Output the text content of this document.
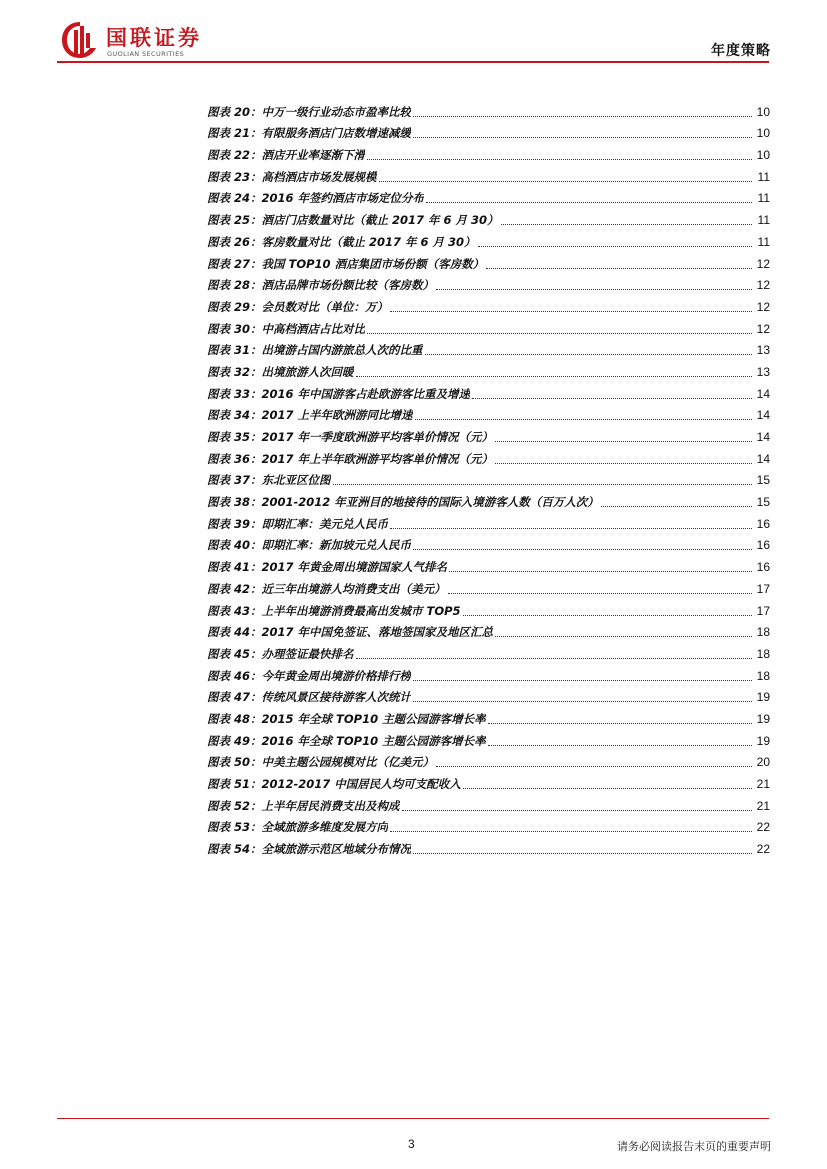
国联证券
GUOLIAN SECURITIES	年度策略
图表 20：中万一级行业动态市盈率比较	10
图表 21：有限服务酒店门店数增速减缓	10
图表 22：酒店开业率逐渐下滑	10
图表 23：高档酒店市场发展规模	11
图表 24：2016 年签约酒店市场定位分布	11
图表 25：酒店门店数量对比（截止 2017 年 6 月 30）	11
图表 26：客房数量对比（截止 2017 年 6 月 30）	11
图表 27：我国 TOP10 酒店集团市场份额（客房数）	12
图表 28：酒店品牌市场份额比较（客房数）	12
图表 29：会员数对比（单位：万）	12
图表 30：中高档酒店占比对比	12
图表 31：出境游占国内游旅总人次的比重	13
图表 32：出境旅游人次回暖	13
图表 33：2016 年中国游客占赴欧游客比重及增速	14
图表 34：2017 上半年欧洲游同比增速	14
图表 35：2017 年一季度欧洲游平均客单价情况（元）	14
图表 36：2017 年上半年欧洲游平均客单价情况（元）	14
图表 37：东北亚区位图	15
图表 38：2001-2012 年亚洲目的地接待的国际入境游客人数（百万人次）	15
图表 39：即期汇率：美元兑人民币	16
图表 40：即期汇率：新加坡元兑人民币	16
图表 41：2017 年黄金周出境游国家人气排名	16
图表 42：近三年出境游人均消费支出（美元）	17
图表 43：上半年出境游消费最高出发城市 TOP5	17
图表 44：2017 年中国免签证、落地签国家及地区汇总	18
图表 45：办理签证最快排名	18
图表 46：今年黄金周出境游价格排行榜	18
图表 47：传统风景区接待游客人次统计	19
图表 48：2015 年全球 TOP10 主题公园游客增长率	19
图表 49：2016 年全球 TOP10 主题公园游客增长率	19
图表 50：中美主题公园规模对比（亿美元）	20
图表 51：2012-2017 中国居民人均可支配收入	21
图表 52：上半年居民消费支出及构成	21
图表 53：全域旅游多维度发展方向	22
图表 54：全域旅游示范区地域分布情况	22
3	请务必阅读报告末页的重要声明
